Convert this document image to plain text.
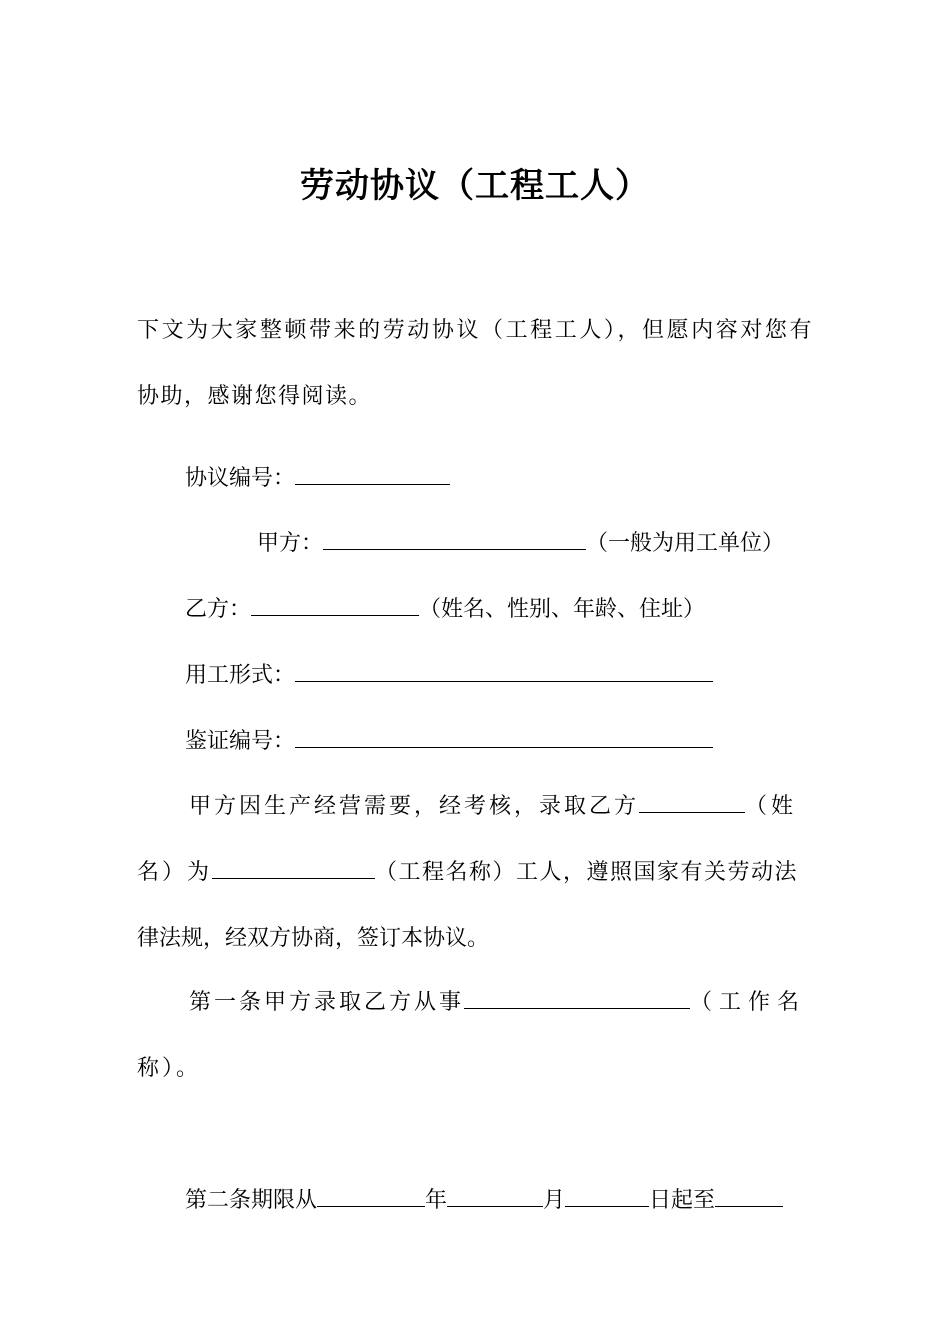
劳动协议（工程工人）
下文为大家整顿带来的劳动协议（工程工人），但愿内容对您有
协助，感谢您得阅读。
协议编号：
甲方：	（一般为用工单位）
乙方：	（姓名、性别、年龄、住址）
用工形式：
鉴证编号：
甲方因生产经营需要，经考核，录取乙方	（姓
名）为	（工程名称）工人，遵照国家有关劳动法
律法规，经双方协商，签订本协议。
第一条甲方录取乙方从事	（工作名
称）。
第二条期限从	年	月	日起至
